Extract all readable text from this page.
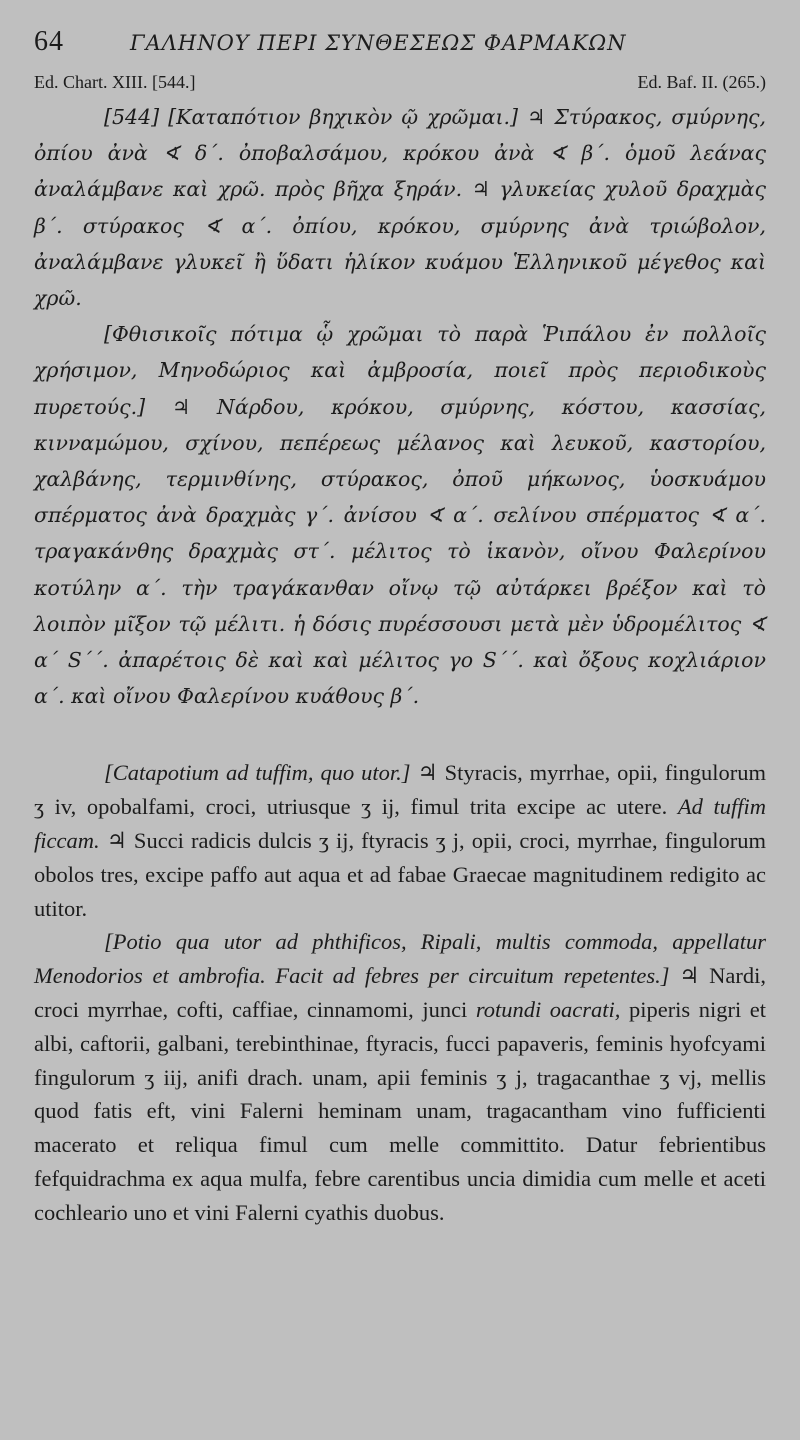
64	ΓΑΛΗΝΟΥ ΠΕΡΙ ΣΥΝΘΕΣΕΩΣ ΦΑΡΜΑΚΩΝ
Ed. Chart. XIII. [544.]	Ed. Baf. II. (265.)

[544] [Καταπότιον βηχικὸν ῷ χρῶμαι.] ♃ Στύρακος, σμύρνης, ὀπίου ἀνὰ ∢ δ΄. ὀποβαλσάμου, κρόκου ἀνὰ ∢ β΄. ὁμοῦ λεάνας ἀναλάμβανε καὶ χρῶ. πρὸς βῆχα ξηράν. ♃ γλυκείας χυλοῦ δραχμὰς β΄. στύρακος ∢ α΄. ὀπίου, κρόκου, σμύρνης ἀνὰ τριώβολον, ἀναλάμβανε γλυκεῖ ἢ ὕδατι ἡλίκον κυάμου Ἑλληνικοῦ μέγεθος καὶ χρῶ.

[Φθισικοῖς πότιμα ᾧ χρῶμαι τὸ παρὰ Ῥιπάλου ἐν πολλοῖς χρήσιμον, Μηνοδώριος καὶ ἀμβροσία, ποιεῖ πρὸς περιοδικοὺς πυρετούς.] ♃ Νάρδου, κρόκου, σμύρνης, κόστου, κασσίας, κινναμώμου, σχίνου, πεπέρεως μέλανος καὶ λευκοῦ, καστορίου, χαλβάνης, τερμινθίνης, στύρακος, ὀποῦ μήκωνος, ὑοσκυάμου σπέρματος ἀνὰ δραχμὰς γ΄. ἀνίσου ∢ α΄. σελίνου σπέρματος ∢ α΄. τραγακάνθης δραχμὰς στ΄. μέλιτος τὸ ἱκανὸν, οἴνου Φαλερίνου κοτύλην α΄. τὴν τραγάκανθαν οἴνῳ τῷ αὐτάρκει βρέξον καὶ τὸ λοιπὸν μῖξον τῷ μέλιτι. ἡ δόσις πυρέσσουσι μετὰ μὲν ὑδρομέλιτος ∢ α΄ S΄΄. ἀπαρέτοις δὲ καὶ καὶ μέλιτος γο S΄΄. καὶ ὄξους κοχλιάριον α΄. καὶ οἴνου Φαλερίνου κυάθους β΄.

[Catapotium ad tuffim, quo utor.] ♃ Styracis, myrrhae, opii, fingulorum ʒ iv, opobalfami, croci, utriusque ʒ ij, fimul trita excipe ac utere. Ad tuffim ficcam. ♃ Succi radicis dulcis ʒ ij, ftyracis ʒ j, opii, croci, myrrhae, fingulorum obolos tres, excipe paffo aut aqua et ad fabae Graecae magnitudinem redigito ac utitor.

[Potio qua utor ad phthificos, Ripali, multis commoda, appellatur Menodorios et ambrofia. Facit ad febres per circuitum repetentes.] ♃ Nardi, croci myrrhae, cofti, caffiae, cinnamomi, junci rotundi oacrati, piperis nigri et albi, caftorii, galbani, terebinthinae, ftyracis, fucci papaveris, feminis hyofcyami fingulorum ʒ iij, anifi drach. unam, apii feminis ʒ j, tragacanthae ʒ vj, mellis quod fatis eft, vini Falerni heminam unam, tragacantham vino fufficienti macerato et reliqua fimul cum melle committito. Datur febrientibus fefquidrachma ex aqua mulfa, febre carentibus uncia dimidia cum melle et aceti cochleario uno et vini Falerni cyathis duobus.
